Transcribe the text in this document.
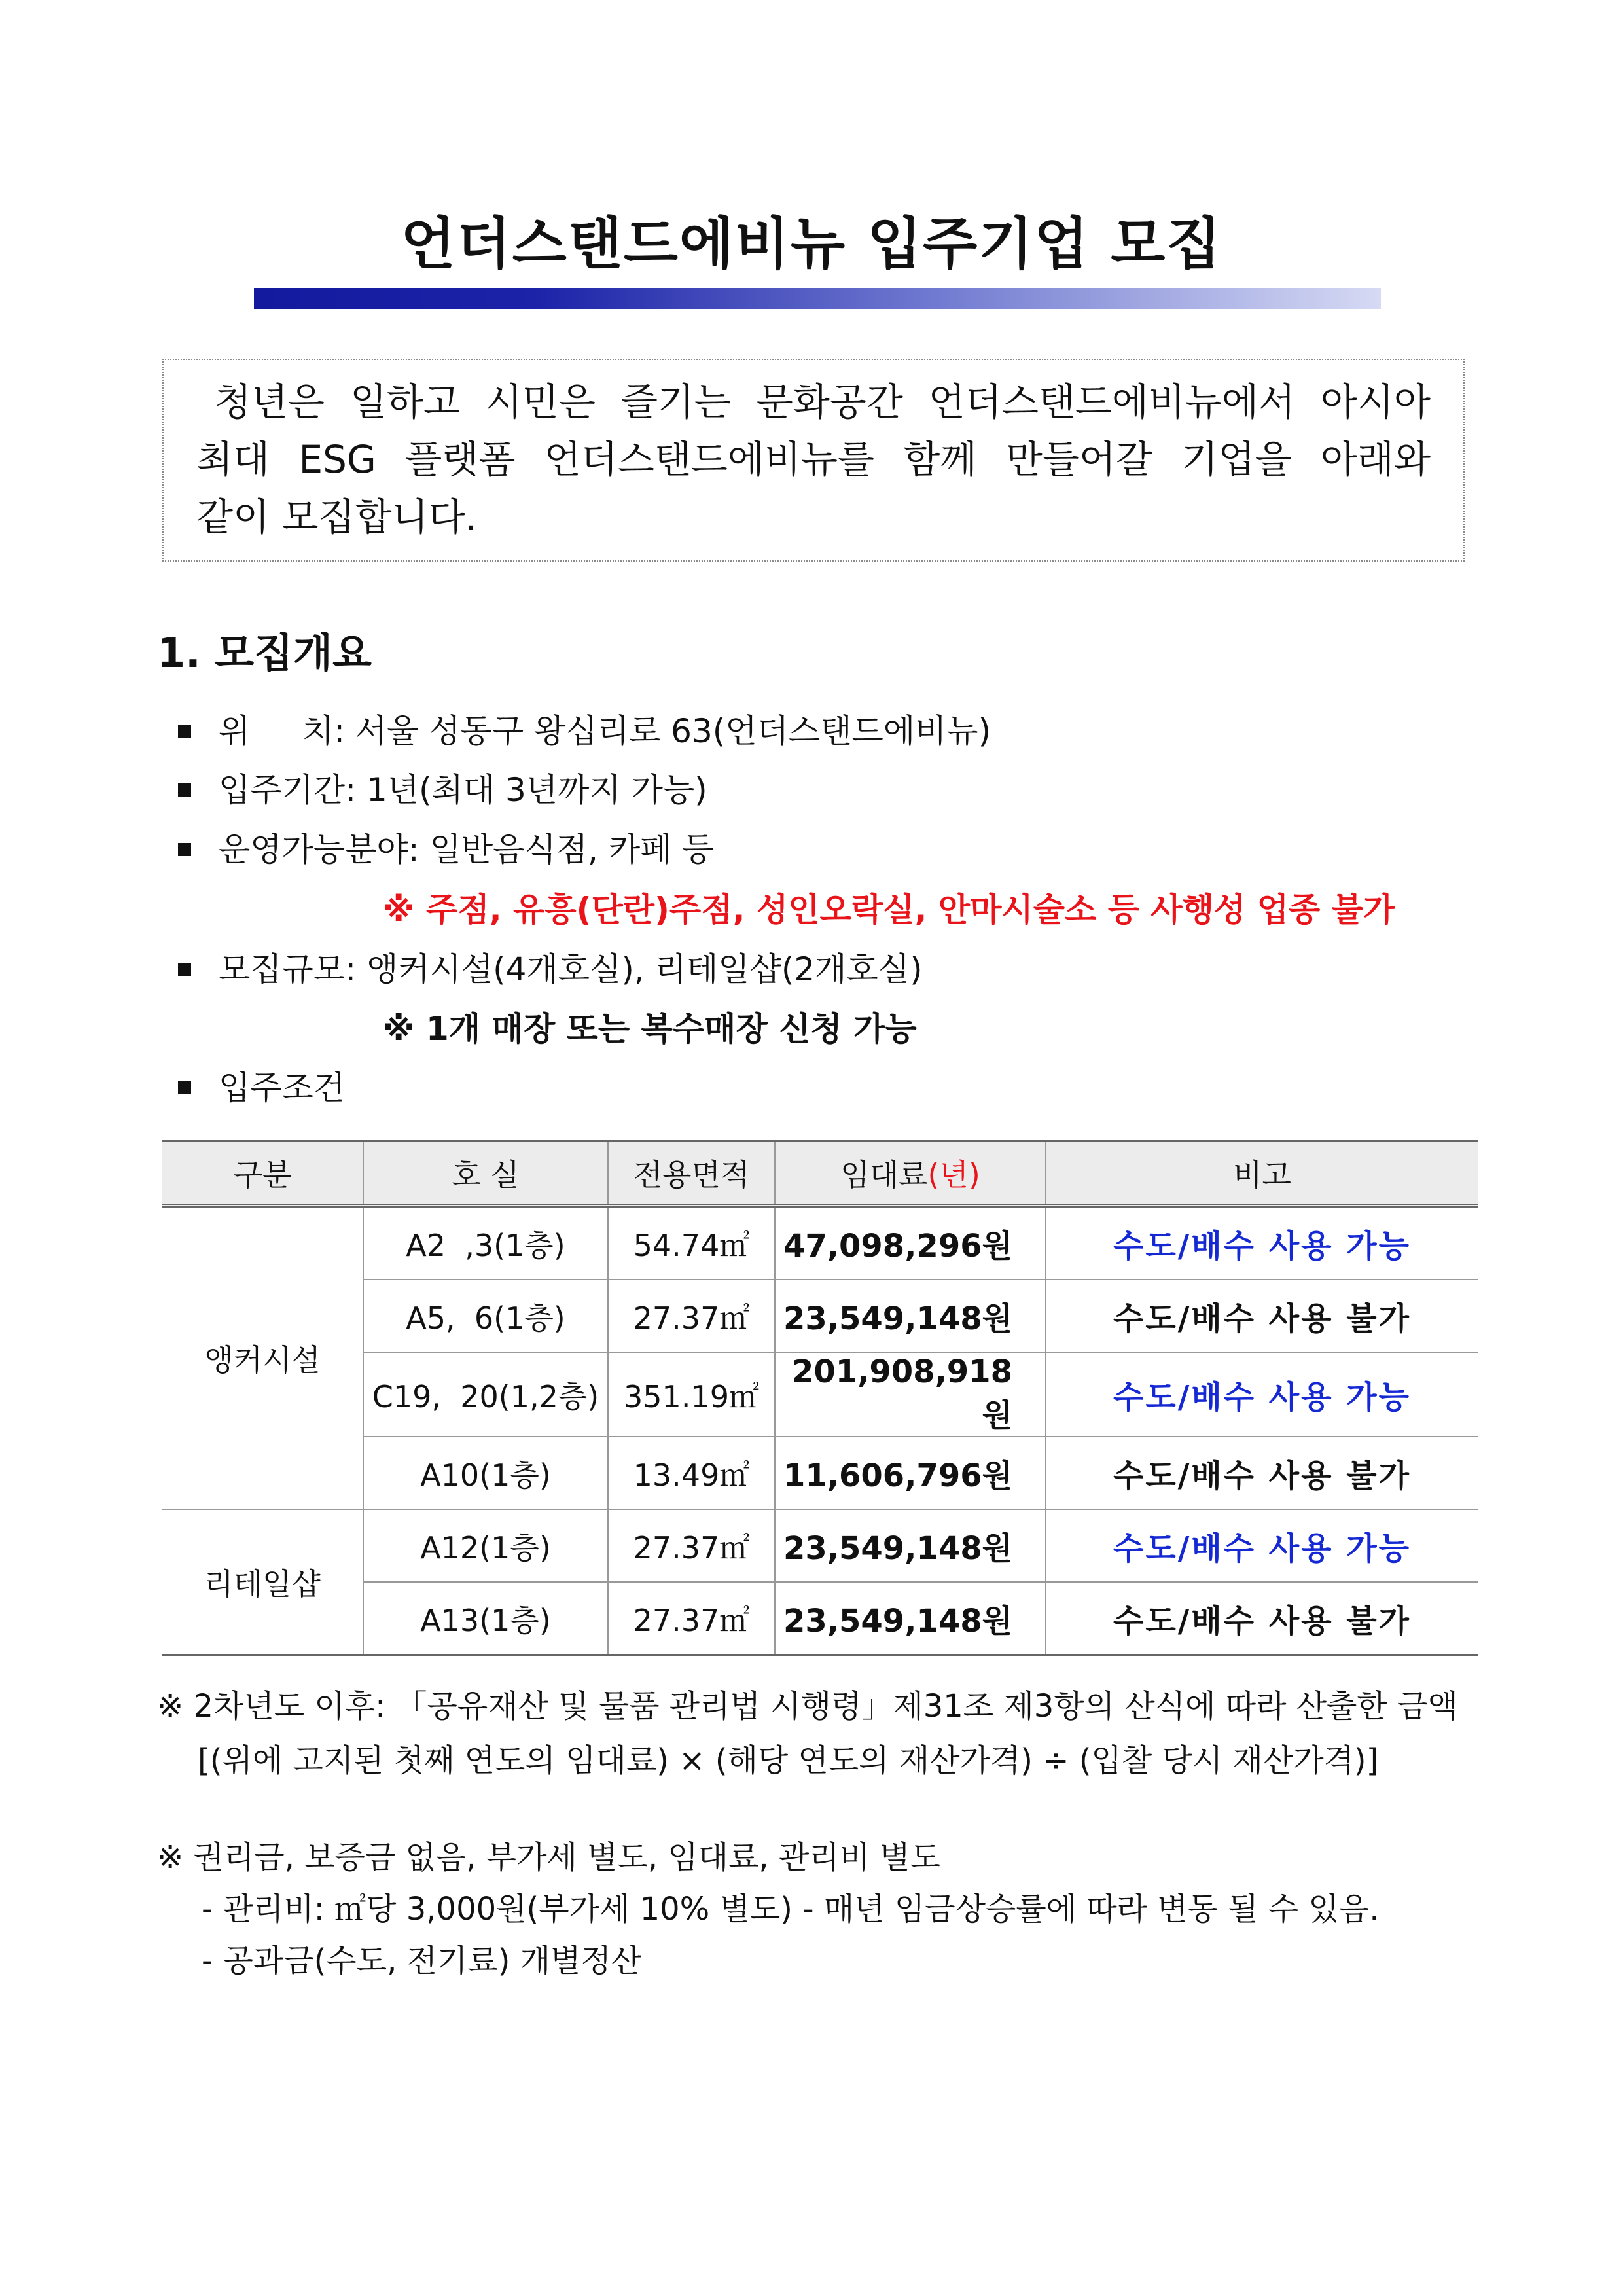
언더스탠드에비뉴 입주기업 모집
청년은 일하고 시민은 즐기는 문화공간 언더스탠드에비뉴에서 아시아
최대 ESG 플랫폼 언더스탠드에비뉴를 함께 만들어갈 기업을 아래와
같이 모집합니다.
1. 모집개요
위     치: 서울 성동구 왕십리로 63(언더스탠드에비뉴)
입주기간: 1년(최대 3년까지 가능)
운영가능분야: 일반음식점, 카페 등
※ 주점, 유흥(단란)주점, 성인오락실, 안마시술소 등 사행성 업종 불가
모집규모: 앵커시설(4개호실), 리테일샵(2개호실)
※ 1개 매장 또는 복수매장 신청 가능
입주조건
구분	호 실	전용면적	임대료(년)	비고
앵커시설	A2  ,3(1층)	54.74㎡	47,098,296원	수도/배수 사용 가능
	A5,  6(1층)	27.37㎡	23,549,148원	수도/배수 사용 불가
	C19,  20(1,2층)	351.19㎡	201,908,918원	수도/배수 사용 가능
	A10(1층)	13.49㎡	11,606,796원	수도/배수 사용 불가
리테일샵	A12(1층)	27.37㎡	23,549,148원	수도/배수 사용 가능
	A13(1층)	27.37㎡	23,549,148원	수도/배수 사용 불가
※ 2차년도 이후: 「공유재산 및 물품 관리법 시행령」제31조 제3항의 산식에 따라 산출한 금액
[(위에 고지된 첫째 연도의 임대료) × (해당 연도의 재산가격) ÷ (입찰 당시 재산가격)]
※ 권리금, 보증금 없음, 부가세 별도, 임대료, 관리비 별도
- 관리비: ㎡당 3,000원(부가세 10% 별도) - 매년 임금상승률에 따라 변동 될 수 있음.
- 공과금(수도, 전기료) 개별정산
